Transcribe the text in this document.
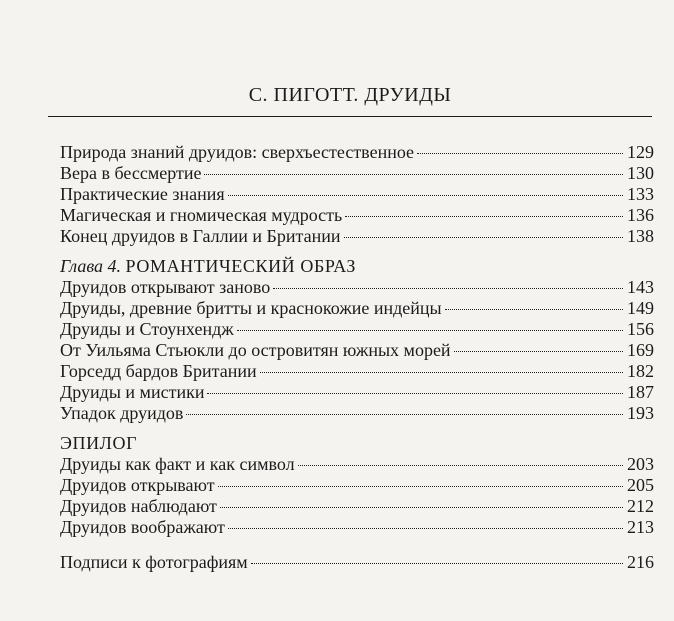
С. ПИГОТТ. ДРУИДЫ
Природа знаний друидов: сверхъестественное	129
Вера в бессмертие	130
Практические знания	133
Магическая и гномическая мудрость	136
Конец друидов в Галлии и Британии	138
Глава 4. РОМАНТИЧЕСКИЙ ОБРАЗ
Друидов открывают заново	143
Друиды, древние бритты и краснокожие индейцы	149
Друиды и Стоунхендж	156
От Уильяма Стьюкли до островитян южных морей	169
Горседд бардов Британии	182
Друиды и мистики	187
Упадок друидов	193
ЭПИЛОГ
Друиды как факт и как символ	203
Друидов открывают	205
Друидов наблюдают	212
Друидов воображают	213
Подписи к фотографиям	216
